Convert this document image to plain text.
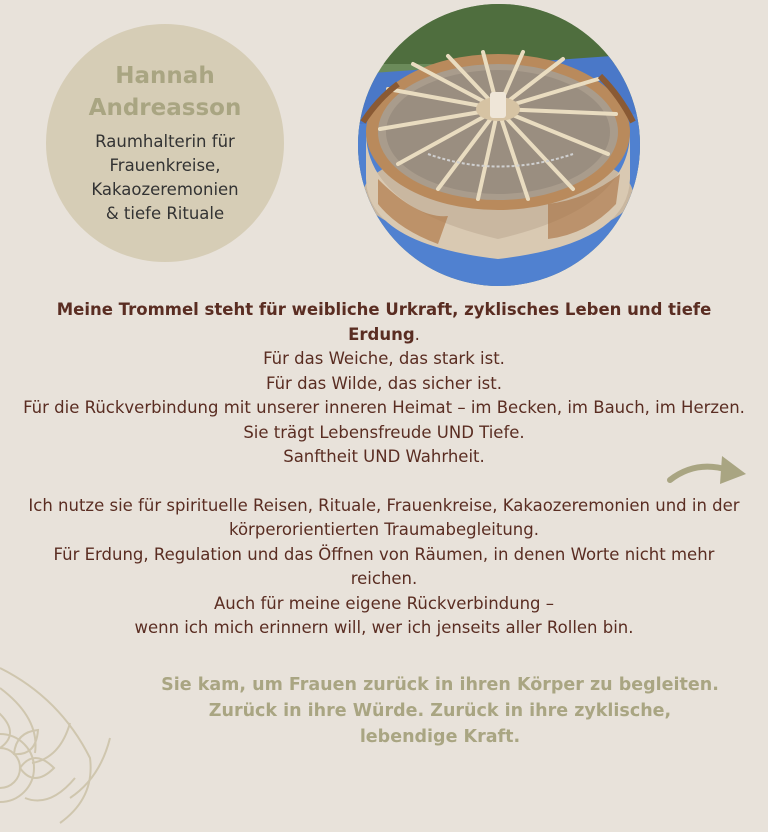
Hannah
Andreasson
Raumhalterin für
Frauenkreise,
Kakaozeremonien
& tiefe Rituale

Meine Trommel steht für weibliche Urkraft, zyklisches Leben und tiefe Erdung.

Für das Weiche, das stark ist.

Für das Wilde, das sicher ist.

Für die Rückverbindung mit unserer inneren Heimat – im Becken, im Bauch, im Herzen.

Sie trägt Lebensfreude UND Tiefe.

Sanftheit UND Wahrheit.

Ich nutze sie für spirituelle Reisen, Rituale, Frauenkreise, Kakaozeremonien und in der körperorientierten Traumabegleitung.

Für Erdung, Regulation und das Öffnen von Räumen, in denen Worte nicht mehr reichen.

Auch für meine eigene Rückverbindung –

wenn ich mich erinnern will, wer ich jenseits aller Rollen bin.

Sie kam, um Frauen zurück in ihren Körper zu begleiten.

Zurück in ihre Würde. Zurück in ihre zyklische,

lebendige Kraft.
